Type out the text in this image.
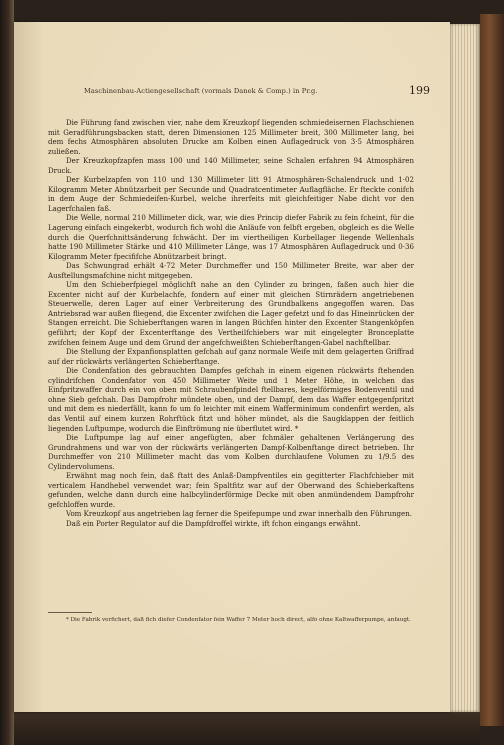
Maschinenbau-Actiengesellschaft (vormals Danek & Comp.) in Pr.g.	199

Die Führung fand zwischen vier, nahe dem Kreuzkopf liegenden schmiedeisernen Flachschienen mit Geradführungsbacken statt, deren Dimensionen 125 Millimeter breit, 300 Millimeter lang, bei dem fechs Atmosphären absoluten Drucke am Kolben einen Auflagedruck von 3·5 Atmosphären zuließen.

Der Kreuzkopfzapfen mass 100 und 140 Millimeter, seine Schalen erfahren 94 Atmosphären Druck.

Der Kurbelzapfen von 110 und 130 Millimeter litt 91 Atmosphären-Schalendruck und 1·02 Kilogramm Meter Abnützarbeit per Secunde und Quadratcentimeter Auflagfläche. Er fteckte conifch in dem Auge der Schmiedeifen-Kurbel, welche ihrerfeits mit gleichfeitiger Nabe dicht vor den Lagerfchalen faß.

Die Welle, normal 210 Millimeter dick, war, wie dies Princip diefer Fabrik zu fein fcheint, für die Lagerung einfach eingekerbt, wodurch fich wohl die Anläufe von felbft ergeben, obgleich es die Welle durch die Querfchnittsänderung fchwächt. Der im viertheiligen Kurbellager liegende Wellenhals hatte 190 Millimeter Stärke und 410 Millimeter Länge, was 17 Atmosphären Auflagedruck und 0·36 Kilogramm Meter fpecififche Abnützarbeit bringt.

Das Schwungrad erhält 4·72 Meter Durchmeffer und 150 Millimeter Breite, war aber der Ausftellungsmafchine nicht mitgegeben.

Um den Schieberfpiegel möglichft nahe an den Cylinder zu bringen, faßen auch hier die Excenter nicht auf der Kurbelachfe, fondern auf einer mit gleichen Stirnrädern angetriebenen Steuerwelle, deren Lager auf einer Verbreiterung des Grundbalkens angegoffen waren. Das Antriebsrad war außen fliegend, die Excenter zwifchen die Lager gefetzt und fo das Hineinrücken der Stangen erreicht. Die Schieberftangen waren in langen Büchfen hinter den Excenter Stangenköpfen geführt; der Kopf der Excenterftange des Vertheilfchiebers war mit eingelegter Bronceplatte zwifchen feinem Auge und dem Grund der angefchweißten Schieberftangen-Gabel nachftellbar.

Die Stellung der Expanfionsplatten gefchah auf ganz normale Weife mit dem gelagerten Griffrad auf der rückwärts verlängerten Schieberftange.

Die Condenfation des gebrauchten Dampfes gefchah in einem eigenen rückwärts ftehenden cylindrifchen Condenfator von 450 Millimeter Weite und 1 Meter Höhe, in welchen das Einfpritzwaffer durch ein von oben mit Schraubenfpindel ftellbares, kegelförmiges Bodenventil und ohne Sieb gefchah. Das Dampfrohr mündete oben, und der Dampf, dem das Waffer entgegenfpritzt und mit dem es niederfällt, kann fo um fo leichter mit einem Wafferminimum condenfirt werden, als das Ventil auf einem kurzen Rohrftück fitzt und höher mündet, als die Saugklappen der feitlich liegenden Luftpumpe, wodurch die Einftrömung nie überflutet wird. *

Die Luftpumpe lag auf einer angefügten, aber fchmäler gehaltenen Verlängerung des Grundrahmens und war von der rückwärts verlängerten Dampf-Kolbenftange direct betrieben. Ihr Durchmeffer von 210 Millimeter macht das vom Kolben durchlaufene Volumen zu 1/9.5 des Cylindervolumens.

Erwähnt mag noch fein, daß ftatt des Anlaß-Dampfventiles ein gegitterter Flachfchieber mit verticalem Handhebel verwendet war; fein Spaltfitz war auf der Oberwand des Schieberkaftens gefunden, welche dann durch eine halbcylinderförmige Decke mit oben anmündendem Dampfrohr gefchloffen wurde.

Vom Kreuzkopf aus angetrieben lag ferner die Speifepumpe und zwar innerhalb den Führungen.

Daß ein Porter Regulator auf die Dampfdroffel wirkte, ift fchon eingangs erwähnt.

* Die Fabrik verfichert, daß fich diefer Condenfator fein Waffer 7 Meter hoch direct, alfo ohne Kaltwafferpumpe, anfaugt.
